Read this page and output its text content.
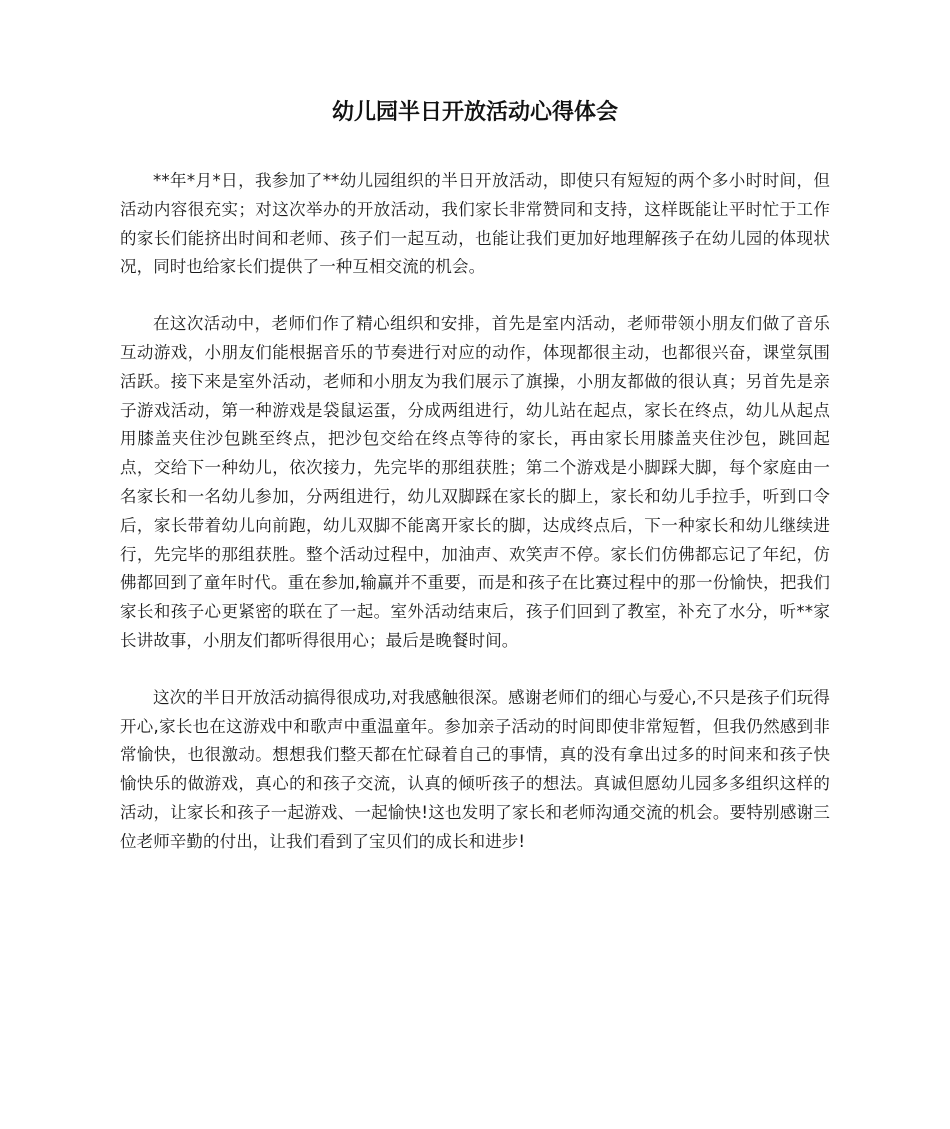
幼儿园半日开放活动心得体会

**年*月*日，我参加了**幼儿园组织的半日开放活动，即使只有短短的两个多小时时间，但活动内容很充实；对这次举办的开放活动，我们家长非常赞同和支持，这样既能让平时忙于工作的家长们能挤出时间和老师、孩子们一起互动，也能让我们更加好地理解孩子在幼儿园的体现状况，同时也给家长们提供了一种互相交流的机会。

在这次活动中，老师们作了精心组织和安排，首先是室内活动，老师带领小朋友们做了音乐互动游戏，小朋友们能根据音乐的节奏进行对应的动作，体现都很主动，也都很兴奋，课堂氛围活跃。接下来是室外活动，老师和小朋友为我们展示了旗操，小朋友都做的很认真；另首先是亲子游戏活动，第一种游戏是袋鼠运蛋，分成两组进行，幼儿站在起点，家长在终点，幼儿从起点用膝盖夹住沙包跳至终点，把沙包交给在终点等待的家长，再由家长用膝盖夹住沙包，跳回起点，交给下一种幼儿，依次接力，先完毕的那组获胜；第二个游戏是小脚踩大脚，每个家庭由一名家长和一名幼儿参加，分两组进行，幼儿双脚踩在家长的脚上，家长和幼儿手拉手，听到口令后，家长带着幼儿向前跑，幼儿双脚不能离开家长的脚，达成终点后，下一种家长和幼儿继续进行，先完毕的那组获胜。整个活动过程中，加油声、欢笑声不停。家长们仿佛都忘记了年纪，仿佛都回到了童年时代。重在参加,输赢并不重要，而是和孩子在比赛过程中的那一份愉快，把我们家长和孩子心更紧密的联在了一起。室外活动结束后，孩子们回到了教室，补充了水分，听**家长讲故事，小朋友们都听得很用心；最后是晚餐时间。

这次的半日开放活动搞得很成功,对我感触很深。感谢老师们的细心与爱心,不只是孩子们玩得开心,家长也在这游戏中和歌声中重温童年。参加亲子活动的时间即使非常短暂，但我仍然感到非常愉快，也很激动。想想我们整天都在忙碌着自己的事情，真的没有拿出过多的时间来和孩子快愉快乐的做游戏，真心的和孩子交流，认真的倾听孩子的想法。真诚但愿幼儿园多多组织这样的活动，让家长和孩子一起游戏、一起愉快!这也发明了家长和老师沟通交流的机会。要特别感谢三位老师辛勤的付出，让我们看到了宝贝们的成长和进步!
